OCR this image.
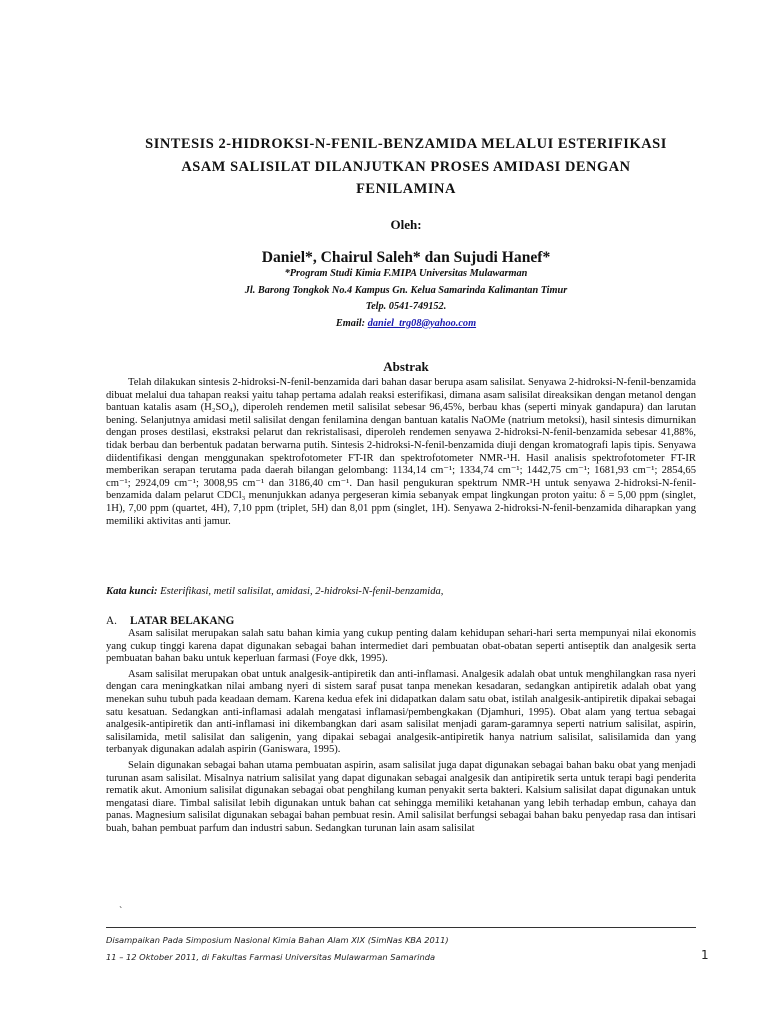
SINTESIS 2-HIDROKSI-N-FENIL-BENZAMIDA MELALUI ESTERIFIKASI
ASAM SALISILAT DILANJUTKAN PROSES AMIDASI DENGAN
FENILAMINA

Oleh:

Daniel*, Chairul Saleh* dan Sujudi Hanef*

*Program Studi Kimia F.MIPA Universitas Mulawarman
Jl. Barong Tongkok No.4 Kampus Gn. Kelua Samarinda Kalimantan Timur
Telp. 0541-749152.
Email: daniel_trg08@yahoo.com
Abstrak

Telah dilakukan sintesis 2-hidroksi-N-fenil-benzamida dari bahan dasar berupa asam salisilat. Senyawa 2-hidroksi-N-fenil-benzamida dibuat melalui dua tahapan reaksi yaitu tahap pertama adalah reaksi esterifikasi, dimana asam salisilat direaksikan dengan metanol dengan bantuan katalis asam (H₂SO₄), diperoleh rendemen metil salisilat sebesar 96,45%, berbau khas (seperti minyak gandapura) dan larutan bening. Selanjutnya amidasi metil salisilat dengan fenilamina dengan bantuan katalis NaOMe (natrium metoksi), hasil sintesis dimurnikan dengan proses destilasi, ekstraksi pelarut dan rekristalisasi, diperoleh rendemen senyawa 2-hidroksi-N-fenil-benzamida sebesar 41,88%, tidak berbau dan berbentuk padatan berwarna putih. Sintesis 2-hidroksi-N-fenil-benzamida diuji dengan kromatografi lapis tipis. Senyawa diidentifikasi dengan menggunakan spektrofotometer FT-IR dan spektrofotometer NMR-¹H. Hasil analisis spektrofotometer FT-IR memberikan serapan terutama pada daerah bilangan gelombang: 1134,14 cm⁻¹; 1334,74 cm⁻¹; 1442,75 cm⁻¹; 1681,93 cm⁻¹; 2854,65 cm⁻¹; 2924,09 cm⁻¹; 3008,95 cm⁻¹ dan 3186,40 cm⁻¹. Dan hasil pengukuran spektrum NMR-¹H untuk senyawa 2-hidroksi-N-fenil-benzamida dalam pelarut CDCl₃ menunjukkan adanya pergeseran kimia sebanyak empat lingkungan proton yaitu: δ = 5,00 ppm (singlet, 1H), 7,00 ppm (quartet, 4H), 7,10 ppm (triplet, 5H) dan 8,01 ppm (singlet, 1H). Senyawa 2-hidroksi-N-fenil-benzamida diharapkan yang memiliki aktivitas anti jamur.

Kata kunci: Esterifikasi, metil salisilat, amidasi, 2-hidroksi-N-fenil-benzamida,

A. LATAR BELAKANG

Asam salisilat merupakan salah satu bahan kimia yang cukup penting dalam kehidupan sehari-hari serta mempunyai nilai ekonomis yang cukup tinggi karena dapat digunakan sebagai bahan intermediet dari pembuatan obat-obatan seperti antiseptik dan analgesik serta pembuatan bahan baku untuk keperluan farmasi (Foye dkk, 1995).

Asam salisilat merupakan obat untuk analgesik-antipiretik dan anti-inflamasi. Analgesik adalah obat untuk menghilangkan rasa nyeri dengan cara meningkatkan nilai ambang nyeri di sistem saraf pusat tanpa menekan kesadaran, sedangkan antipiretik adalah obat yang menekan suhu tubuh pada keadaan demam. Karena kedua efek ini didapatkan dalam satu obat, istilah analgesik-antipiretik dipakai sebagai satu kesatuan. Sedangkan anti-inflamasi adalah mengatasi inflamasi/pembengkakan (Djamhuri, 1995). Obat alam yang tertua sebagai analgesik-antipiretik dan anti-inflamasi ini dikembangkan dari asam salisilat menjadi garam-garamnya seperti natrium salisilat, aspirin, salisilamida, metil salisilat dan saligenin, yang dipakai sebagai analgesik-antipiretik hanya natrium salisilat, salisilamida dan yang terbanyak digunakan adalah aspirin (Ganiswara, 1995).

Selain digunakan sebagai bahan utama pembuatan aspirin, asam salisilat juga dapat digunakan sebagai bahan baku obat yang menjadi turunan asam salisilat. Misalnya natrium salisilat yang dapat digunakan sebagai analgesik dan antipiretik serta untuk terapi bagi penderita rematik akut. Amonium salisilat digunakan sebagai obat penghilang kuman penyakit serta bakteri. Kalsium salisilat dapat digunakan untuk mengatasi diare. Timbal salisilat lebih digunakan untuk bahan cat sehingga memiliki ketahanan yang lebih terhadap embun, cahaya dan panas. Magnesium salisilat digunakan sebagai bahan pembuat resin. Amil salisilat berfungsi sebagai bahan baku penyedap rasa dan intisari buah, bahan pembuat parfum dan industri sabun. Sedangkan turunan lain asam salisilat

`
Disampaikan Pada Simposium Nasional Kimia Bahan Alam XIX (SimNas KBA 2011)
11 – 12 Oktober 2011, di Fakultas Farmasi Universitas Mulawarman Samarinda	1
